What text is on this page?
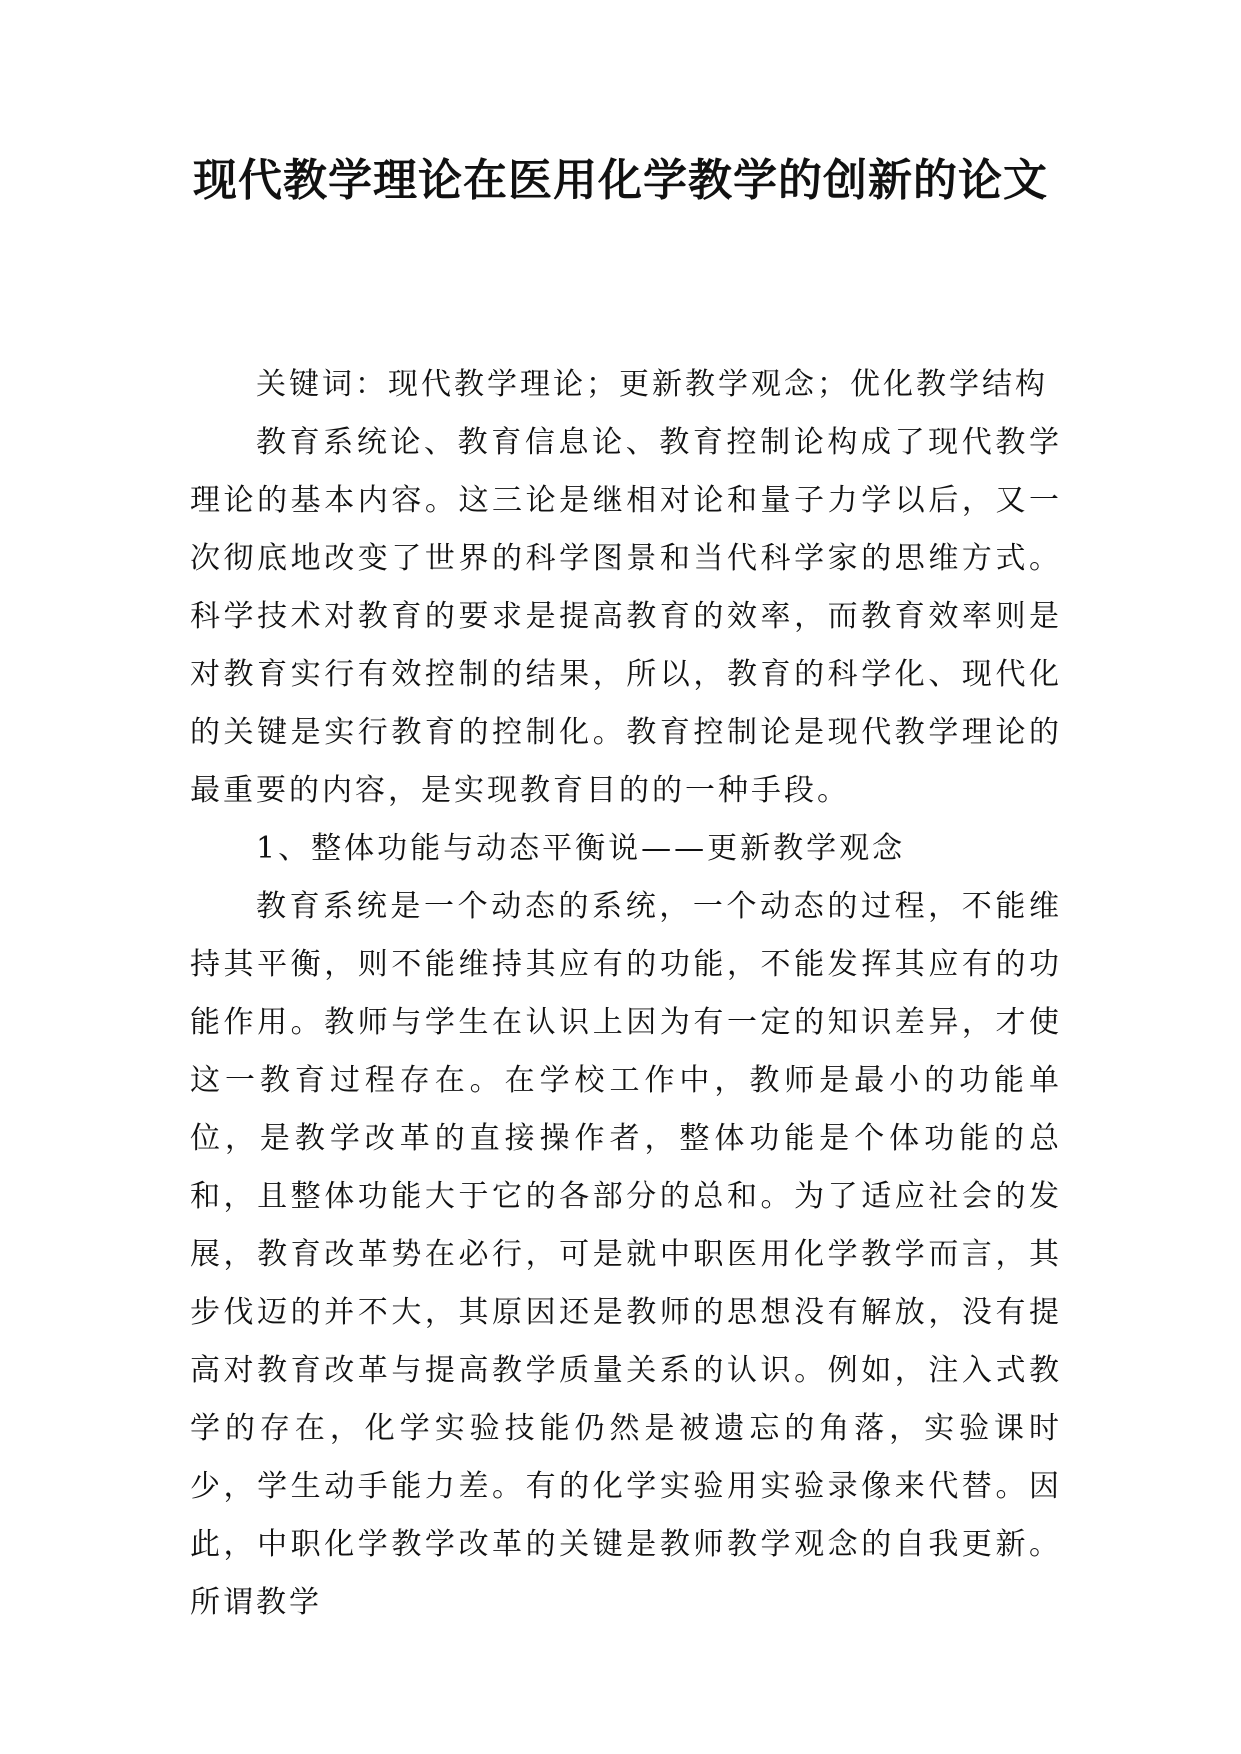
现代教学理论在医用化学教学的创新的论文

关键词：现代教学理论；更新教学观念；优化教学结构

教育系统论、教育信息论、教育控制论构成了现代教学理论的基本内容。这三论是继相对论和量子力学以后，又一次彻底地改变了世界的科学图景和当代科学家的思维方式。科学技术对教育的要求是提高教育的效率，而教育效率则是对教育实行有效控制的结果，所以，教育的科学化、现代化的关键是实行教育的控制化。教育控制论是现代教学理论的最重要的内容，是实现教育目的的一种手段。

1、整体功能与动态平衡说——更新教学观念

教育系统是一个动态的系统，一个动态的过程，不能维持其平衡，则不能维持其应有的功能，不能发挥其应有的功能作用。教师与学生在认识上因为有一定的知识差异，才使这一教育过程存在。在学校工作中，教师是最小的功能单位，是教学改革的直接操作者，整体功能是个体功能的总和，且整体功能大于它的各部分的总和。为了适应社会的发展，教育改革势在必行，可是就中职医用化学教学而言，其步伐迈的并不大，其原因还是教师的思想没有解放，没有提高对教育改革与提高教学质量关系的认识。例如，注入式教学的存在，化学实验技能仍然是被遗忘的角落，实验课时少，学生动手能力差。有的化学实验用实验录像来代替。因此，中职化学教学改革的关键是教师教学观念的自我更新。所谓教学
